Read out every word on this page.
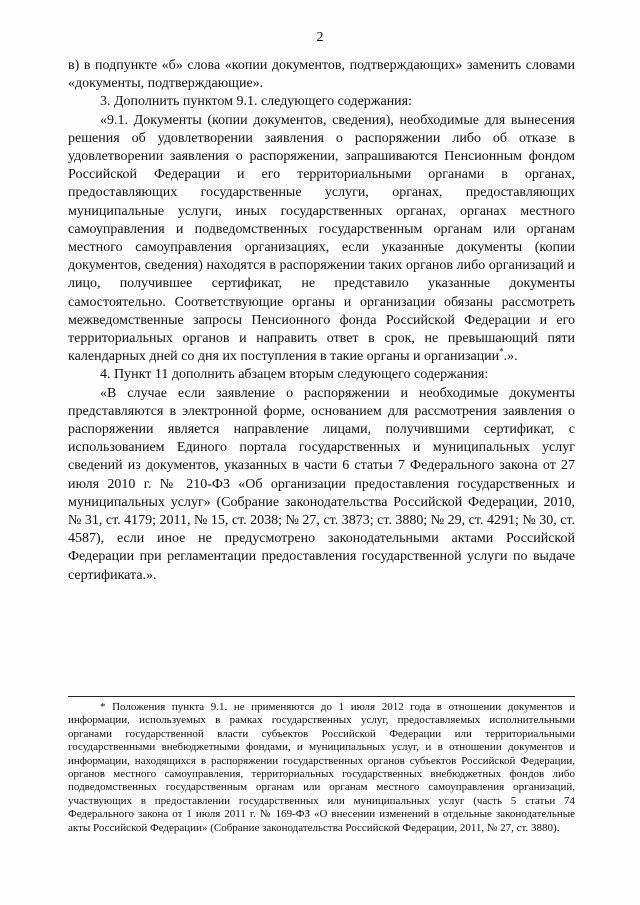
2

в) в подпункте «б» слова «копии документов, подтверждающих» заменить словами «документы, подтверждающие».

3. Дополнить пунктом 9.1. следующего содержания:

«9.1. Документы (копии документов, сведения), необходимые для вынесения решения об удовлетворении заявления о распоряжении либо об отказе в удовлетворении заявления о распоряжении, запрашиваются Пенсионным фондом Российской Федерации и его территориальными органами в органах, предоставляющих государственные услуги, органах, предоставляющих муниципальные услуги, иных государственных органах, органах местного самоуправления и подведомственных государственным органам или органам местного самоуправления организациях, если указанные документы (копии документов, сведения) находятся в распоряжении таких органов либо организаций и лицо, получившее сертификат, не представило указанные документы самостоятельно. Соответствующие органы и организации обязаны рассмотреть межведомственные запросы Пенсионного фонда Российской Федерации и его территориальных органов и направить ответ в срок, не превышающий пяти календарных дней со дня их поступления в такие органы и организации*.».

4. Пункт 11 дополнить абзацем вторым следующего содержания:

«В случае если заявление о распоряжении и необходимые документы представляются в электронной форме, основанием для рассмотрения заявления о распоряжении является направление лицами, получившими сертификат, с использованием Единого портала государственных и муниципальных услуг сведений из документов, указанных в части 6 статьи 7 Федерального закона от 27 июля 2010 г. № 210-ФЗ «Об организации предоставления государственных и муниципальных услуг» (Собрание законодательства Российской Федерации, 2010, № 31, ст. 4179; 2011, № 15, ст. 2038; № 27, ст. 3873; ст. 3880; № 29, ст. 4291; № 30, ст. 4587), если иное не предусмотрено законодательными актами Российской Федерации при регламентации предоставления государственной услуги по выдаче сертификата.».

* Положения пункта 9.1. не применяются до 1 июля 2012 года в отношении документов и информации, используемых в рамках государственных услуг, предоставляемых исполнительными органами государственной власти субъектов Российской Федерации или территориальными государственными внебюджетными фондами, и муниципальных услуг, и в отношении документов и информации, находящихся в распоряжении государственных органов субъектов Российской Федерации, органов местного самоуправления, территориальных государственных внебюджетных фондов либо подведомственных государственным органам или органам местного самоуправления организаций, участвующих в предоставлении государственных или муниципальных услуг (часть 5 статьи 74 Федерального закона от 1 июля 2011 г. № 169-ФЗ «О внесении изменений в отдельные законодательные акты Российской Федерации» (Собрание законодательства Российской Федерации, 2011, № 27, ст. 3880).
